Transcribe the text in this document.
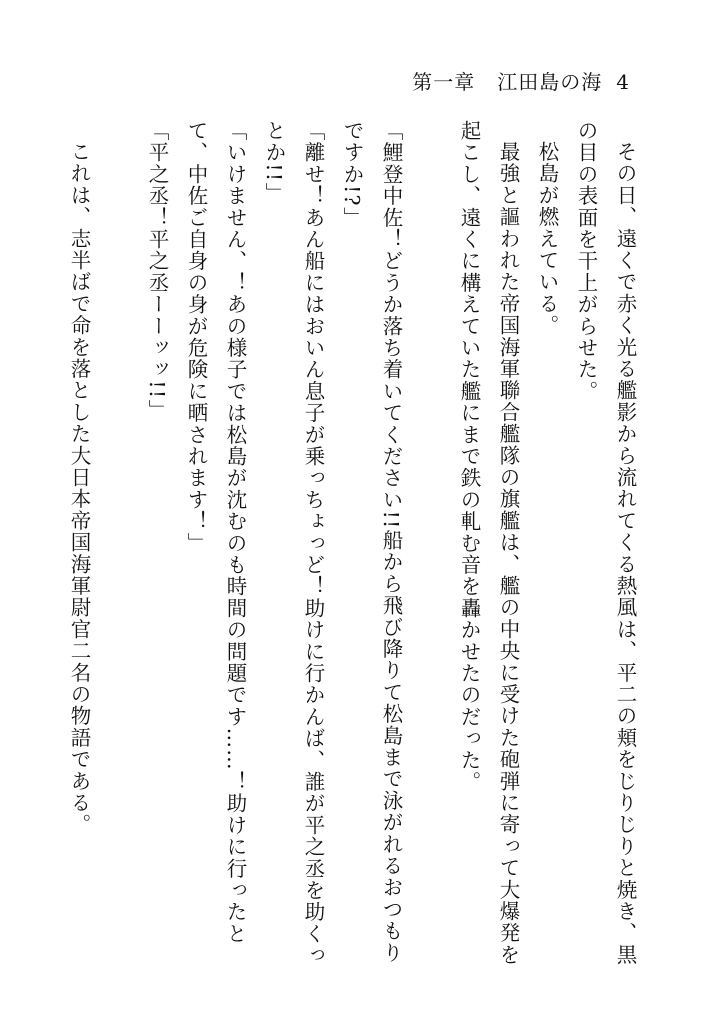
第一章 江田島の海 4

その日、遠くで赤く光る艦影から流れてくる熱風は、平二の頬をじりじりと焼き、黒の目の表面を干上がらせた。

松島が燃えている。

最強と謳われた帝国海軍聯合艦隊の旗艦は、艦の中央に受けた砲弾に寄って大爆発を起こし、遠くに構えていた艦にまで鉄の軋む音を轟かせたのだった。

「鯉登中佐！どうか落ち着いてください!!船から飛び降りて松島まで泳がれるおつもりですか!?」

「離せ！あん船にはおいん息子が乗っちょっど！助けに行かんば、誰が平之丞を助くっとか!!」

「いけません、！あの様子では松島が沈むのも時間の問題です……！助けに行ったとて、中佐ご自身の身が危険に晒されます！」

「平之丞！平之丞ーーッッ!!」

これは、志半ばで命を落とした大日本帝国海軍尉官二名の物語である。
